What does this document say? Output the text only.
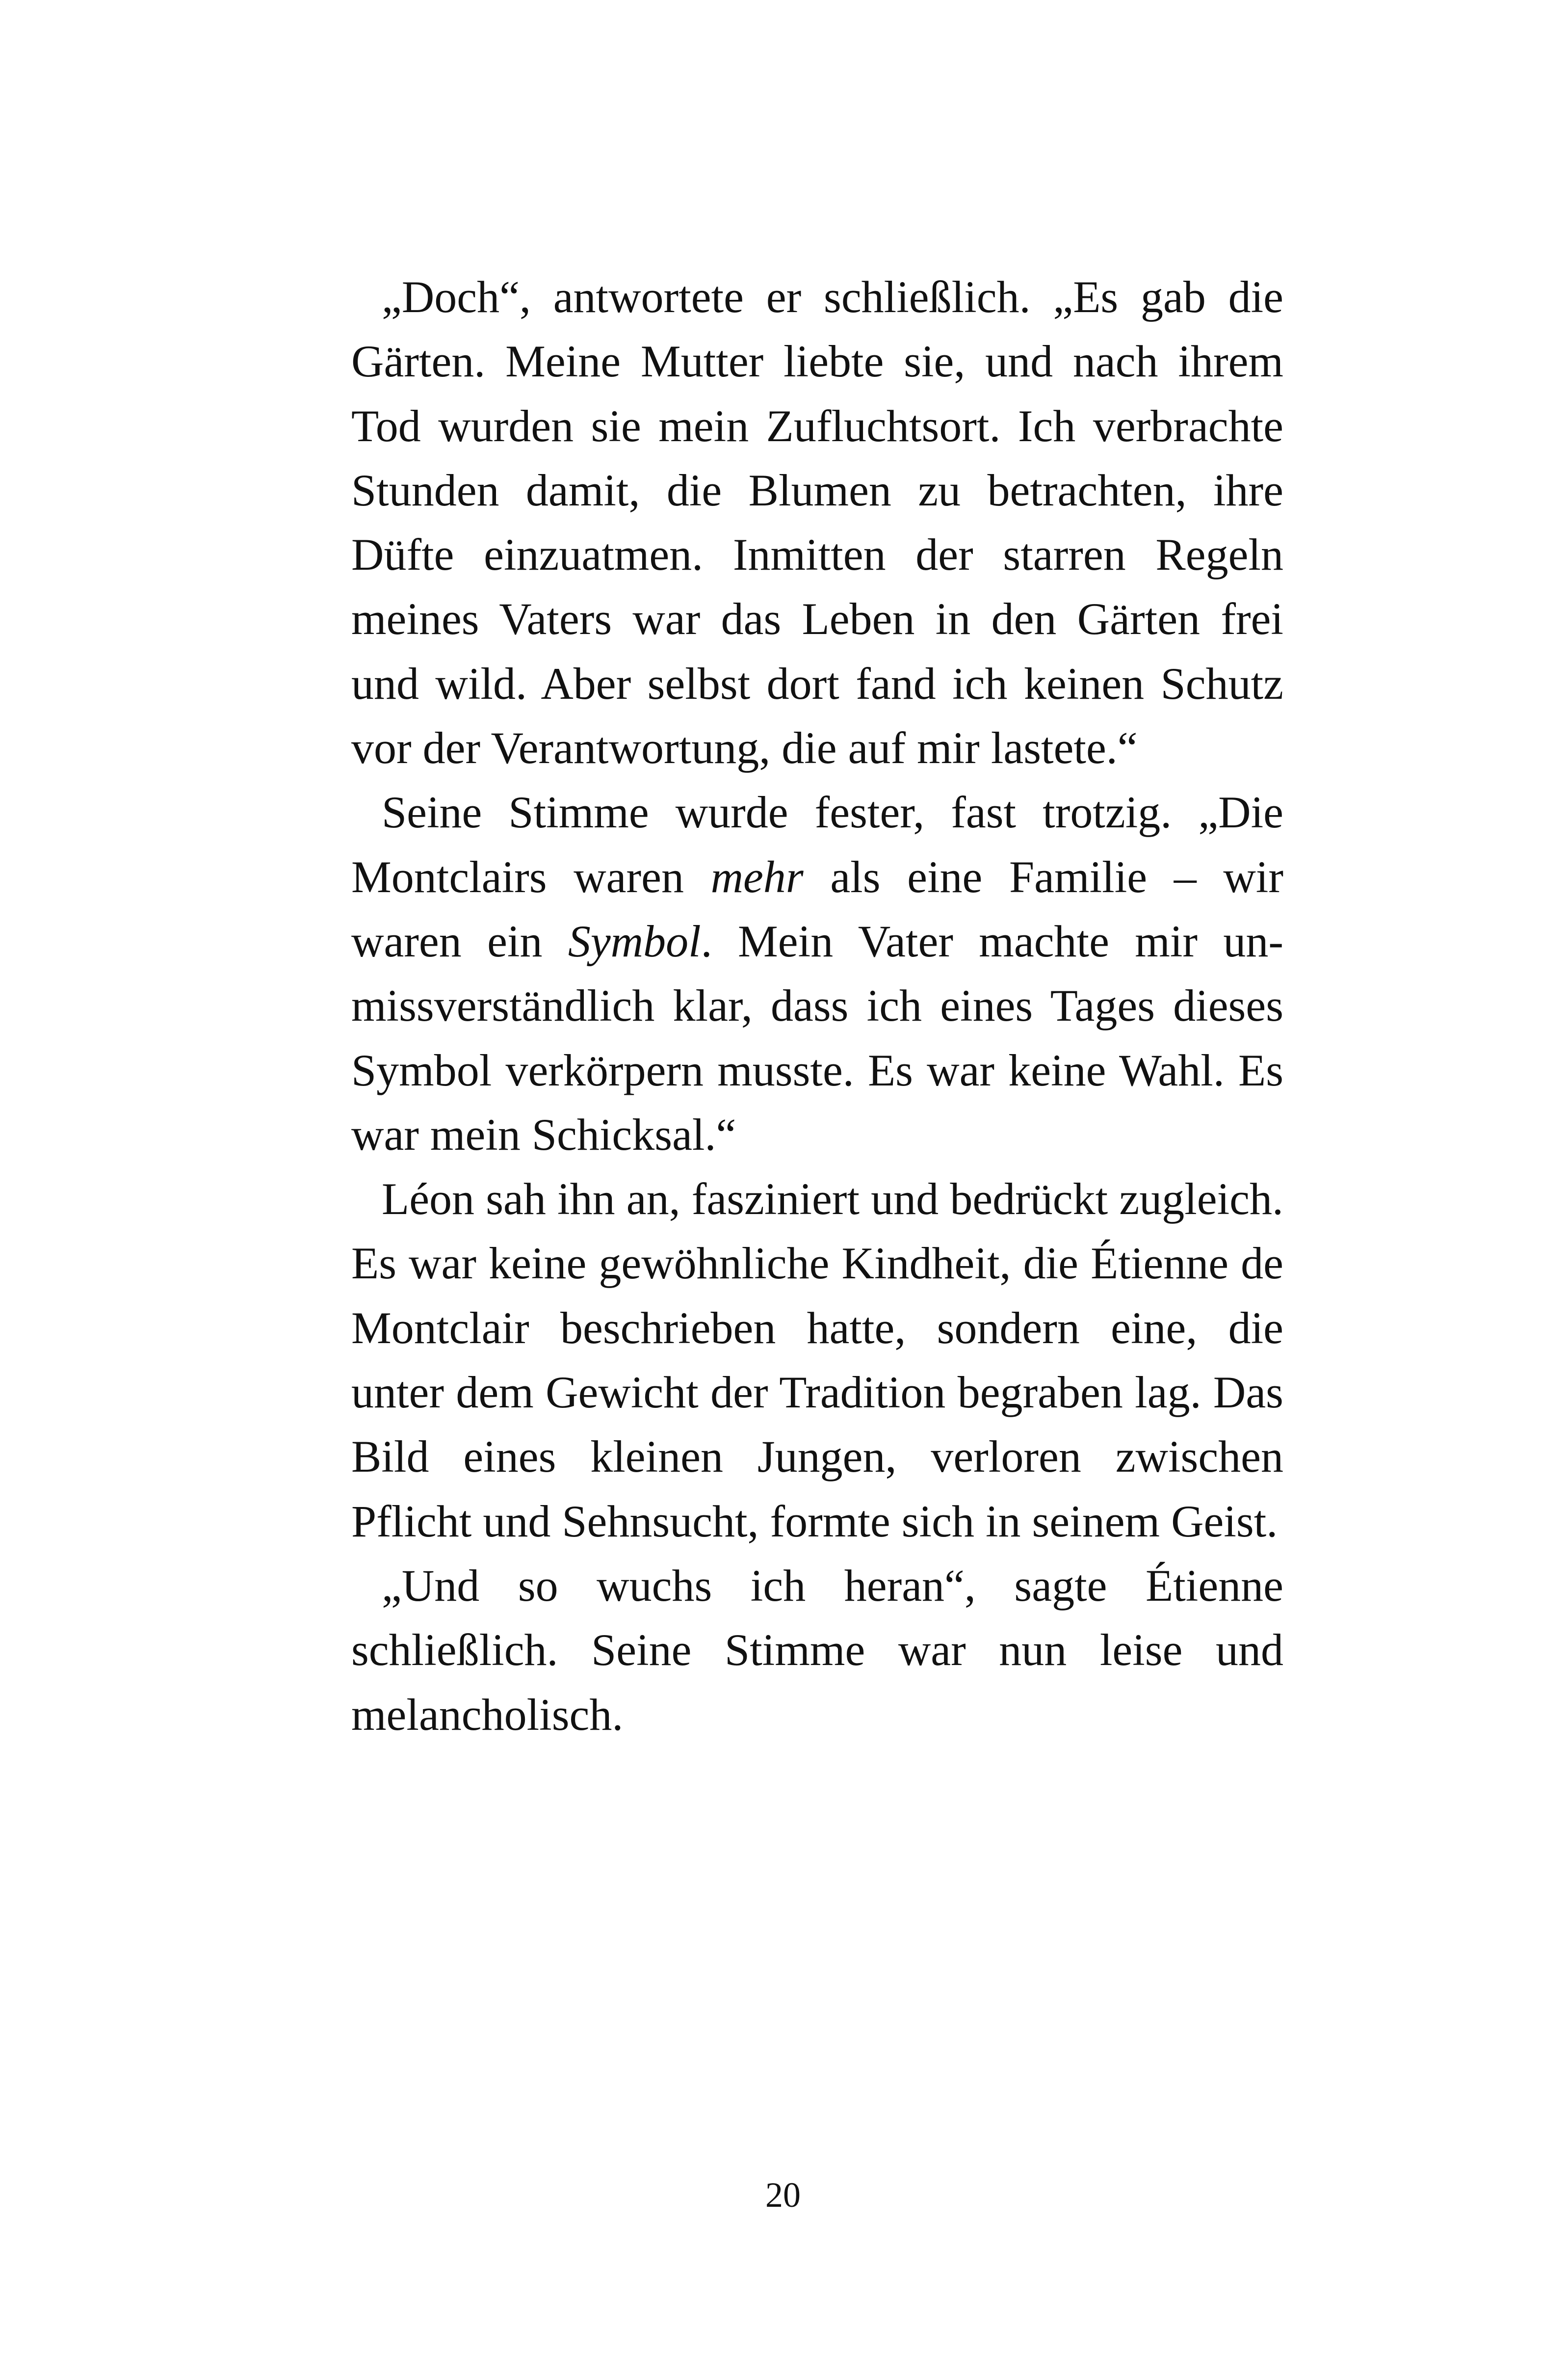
„Doch“, antwortete er schließlich. „Es gab die Gärten. Meine Mutter liebte sie, und nach ihrem Tod wurden sie mein Zufluchtsort. Ich verbrachte Stunden damit, die Blumen zu betrachten, ihre Düfte einzuatmen. Inmitten der starren Regeln meines Vaters war das Leben in den Gärten frei und wild. Aber selbst dort fand ich keinen Schutz vor der Verantwortung, die auf mir lastete.“

Seine Stimme wurde fester, fast trotzig. „Die Montclairs waren mehr als eine Familie – wir waren ein Symbol. Mein Vater machte mir unmissverständlich klar, dass ich eines Tages dieses Symbol verkörpern musste. Es war keine Wahl. Es war mein Schicksal.“

Léon sah ihn an, fasziniert und bedrückt zugleich. Es war keine gewöhnliche Kindheit, die Étienne de Montclair beschrieben hatte, sondern eine, die unter dem Gewicht der Tradition begraben lag. Das Bild eines kleinen Jungen, verloren zwischen Pflicht und Sehnsucht, formte sich in seinem Geist.

„Und so wuchs ich heran“, sagte Étienne schließlich. Seine Stimme war nun leise und melancholisch.

20
